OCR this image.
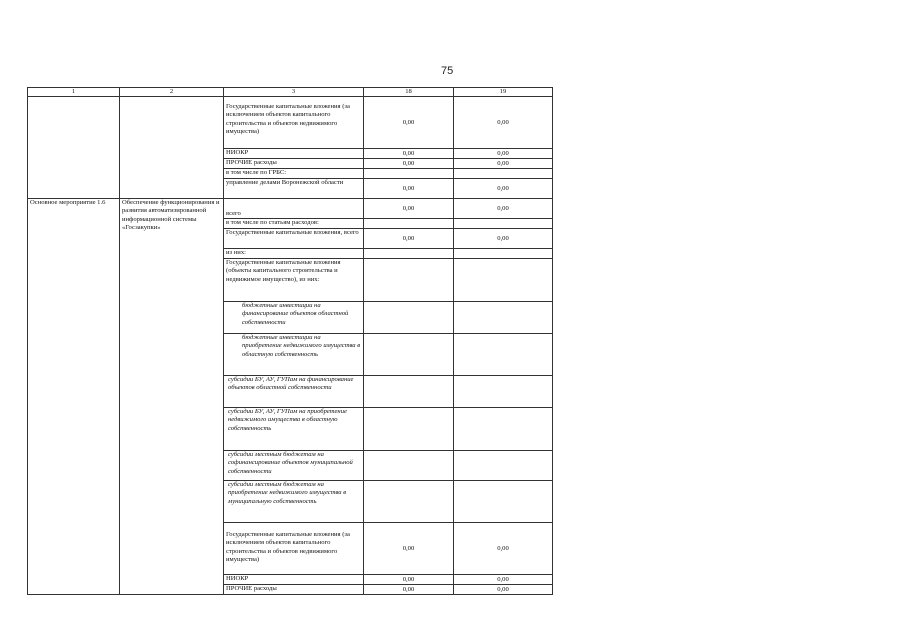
75
1	2	3	18	19
		Государственные капитальные вложения (за исключением объектов капитального строительства и объектов недвижимого имущества)	0,00	0,00
		НИОКР	0,00	0,00
		ПРОЧИЕ расходы	0,00	0,00
		в том числе по ГРБС:		
		управление делами Воронежской области	0,00	0,00
Основное мероприятие 1.6	Обеспечение функционирования и развития автоматизированной информационной системы «Госзакупки»	всего	0,00	0,00
		в том числе по статьям расходов:		
		Государственные капитальные вложения, всего	0,00	0,00
		из них:		
		Государственные капитальные вложения (объекты капитального строительства и недвижимое имущество), из них:		
		бюджетные инвестиции на финансирование объектов областной собственности		
		бюджетные инвестиции на приобретение недвижимого имущества в областную собственность		
		субсидии БУ, АУ, ГУПам на финансирование объектов областной собственности		
		субсидии БУ, АУ, ГУПам на приобретение недвижимого имущества в областную собственность		
		субсидии местным бюджетам на софинансирование объектов муниципальной собственности		
		субсидии местным бюджетам на приобретение недвижимого имущества в муниципальную собственность		
		Государственные капитальные вложения (за исключением объектов капитального строительства и объектов недвижимого имущества)	0,00	0,00
		НИОКР	0,00	0,00
		ПРОЧИЕ расходы	0,00	0,00
